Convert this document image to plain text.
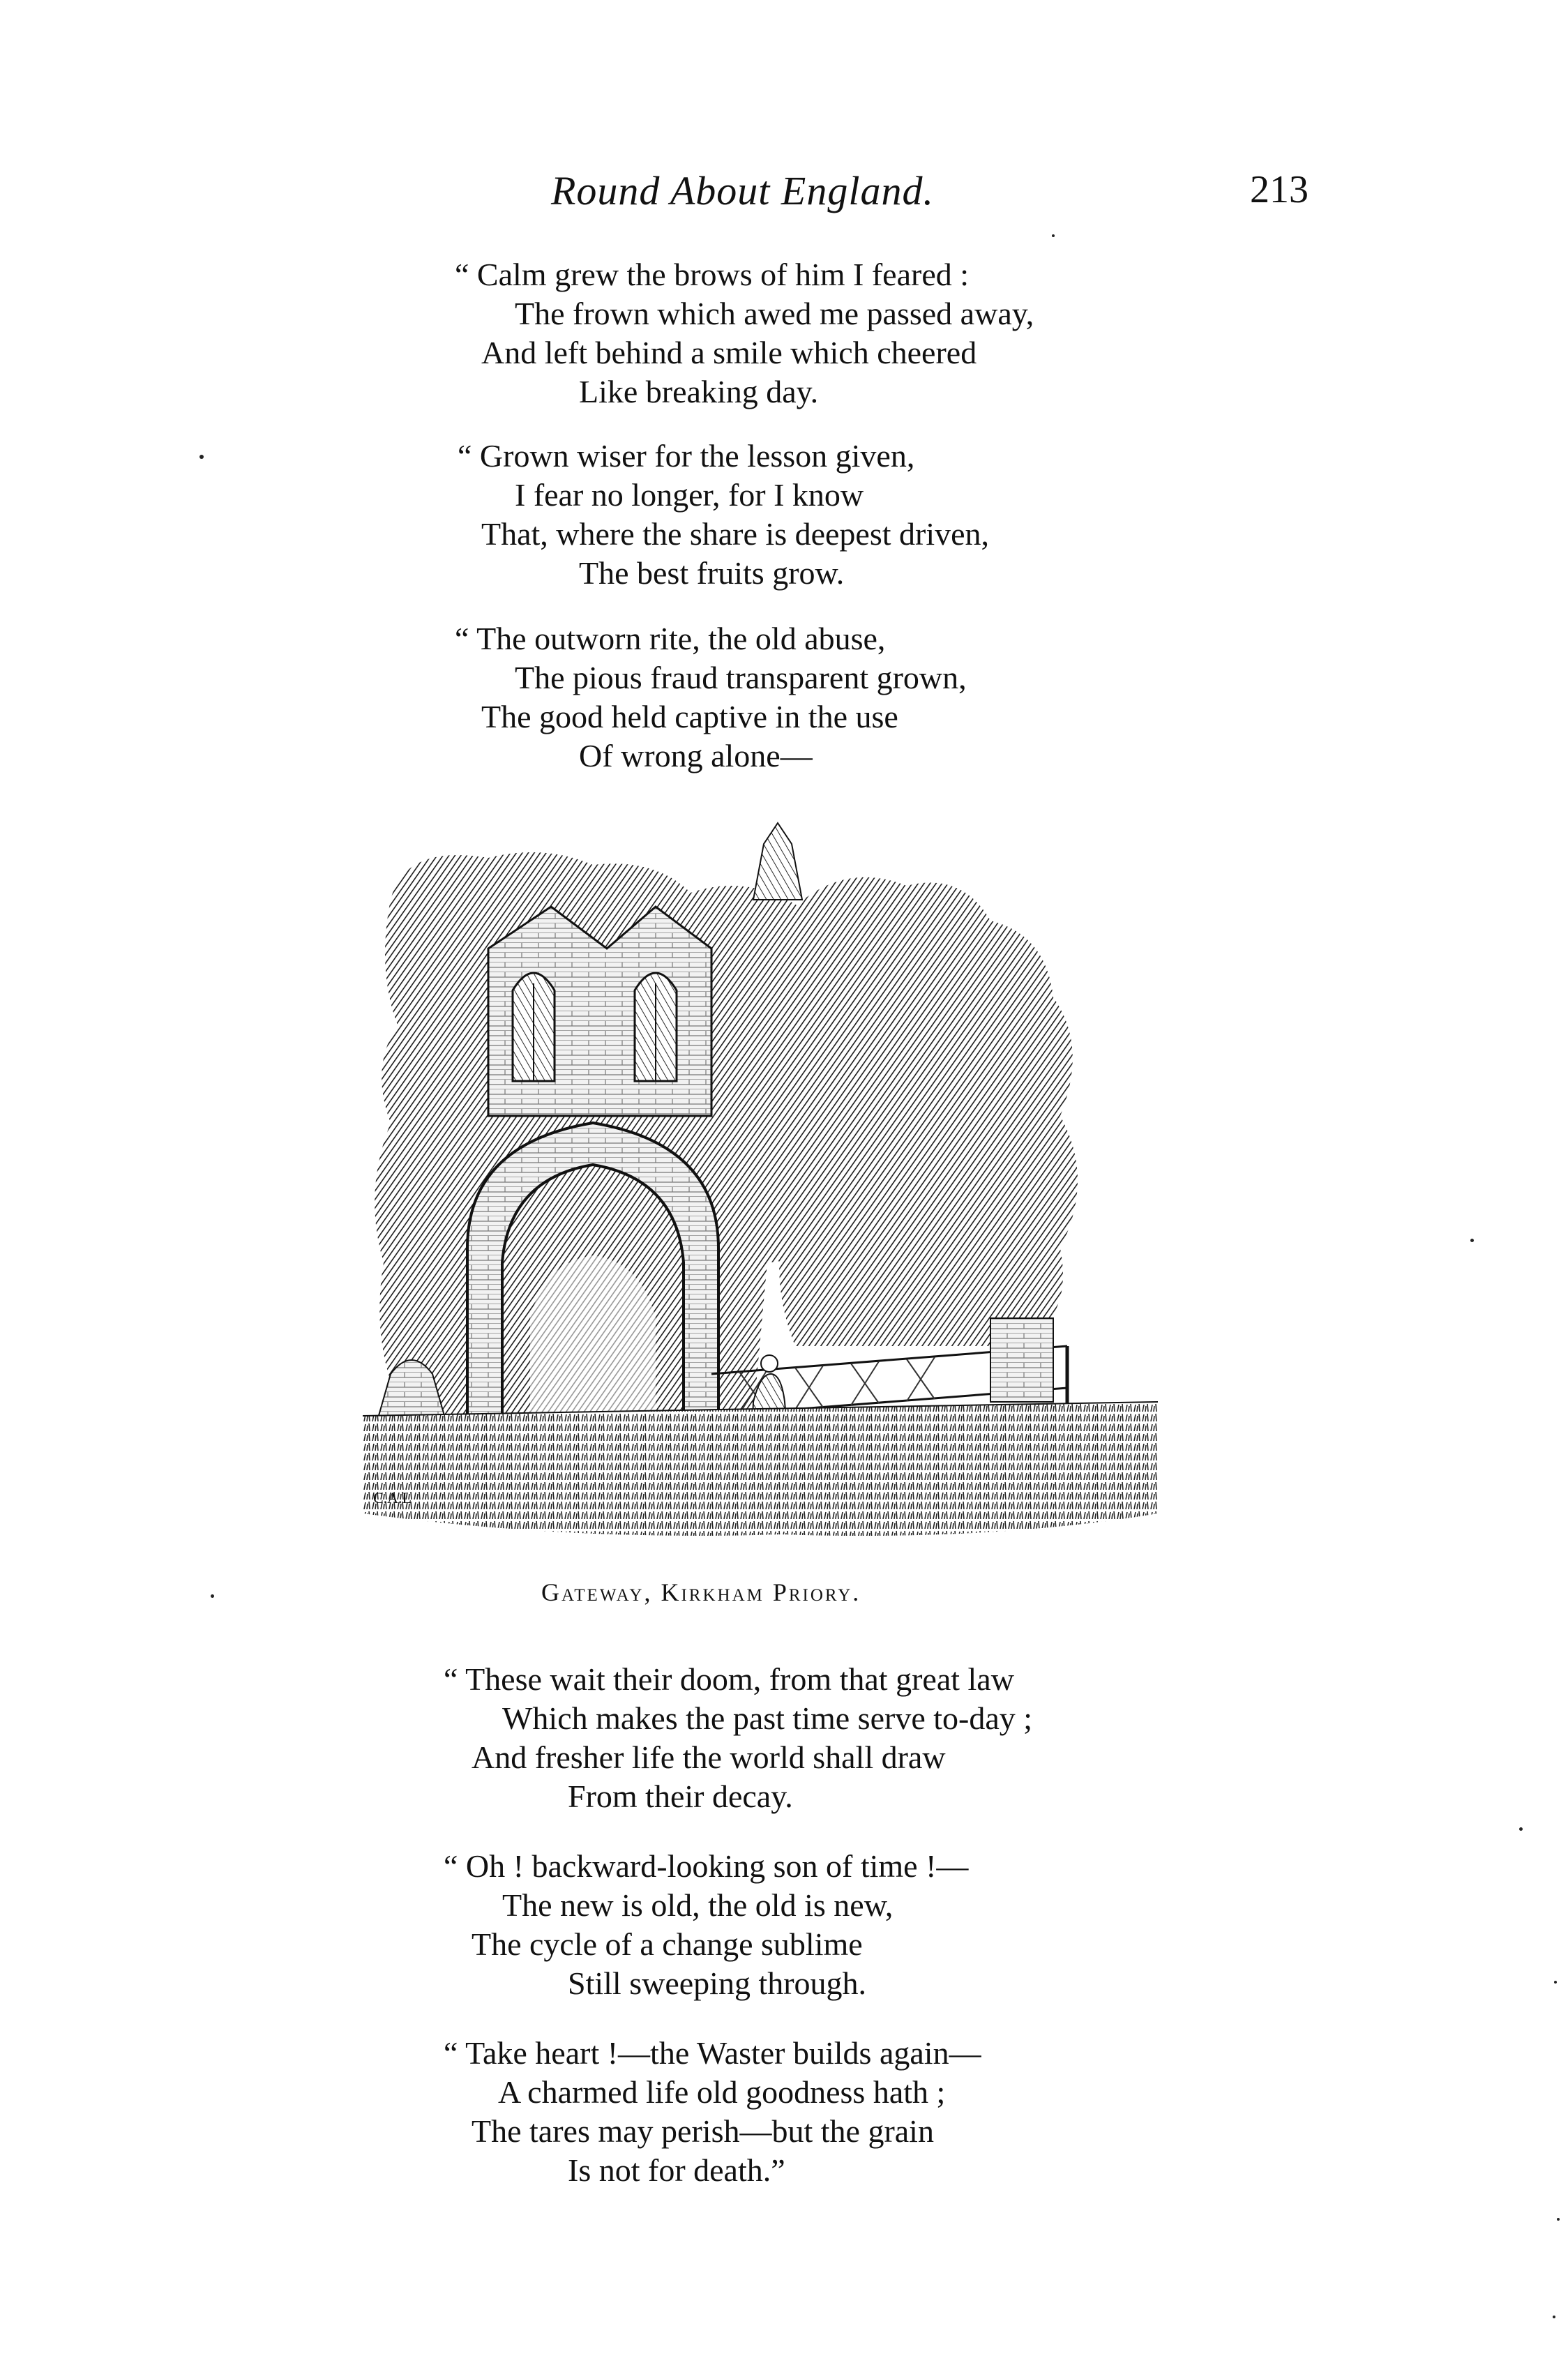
Round About England.	213
“ Calm grew the brows of him I feared :
The frown which awed me passed away,
And left behind a smile which cheered
Like breaking day.
“ Grown wiser for the lesson given,
I fear no longer, for I know
That, where the share is deepest driven,
The best fruits grow.
“ The outworn rite, the old abuse,
The pious fraud transparent grown,
The good held captive in the use
Of wrong alone—
C.A.L
Gateway, Kirkham Priory.
“ These wait their doom, from that great law
Which makes the past time serve to-day ;
And fresher life the world shall draw
From their decay.
“ Oh ! backward-looking son of time !—
The new is old, the old is new,
The cycle of a change sublime
Still sweeping through.
“ Take heart !—the Waster builds again—
A charmed life old goodness hath ;
The tares may perish—but the grain
Is not for death.”
